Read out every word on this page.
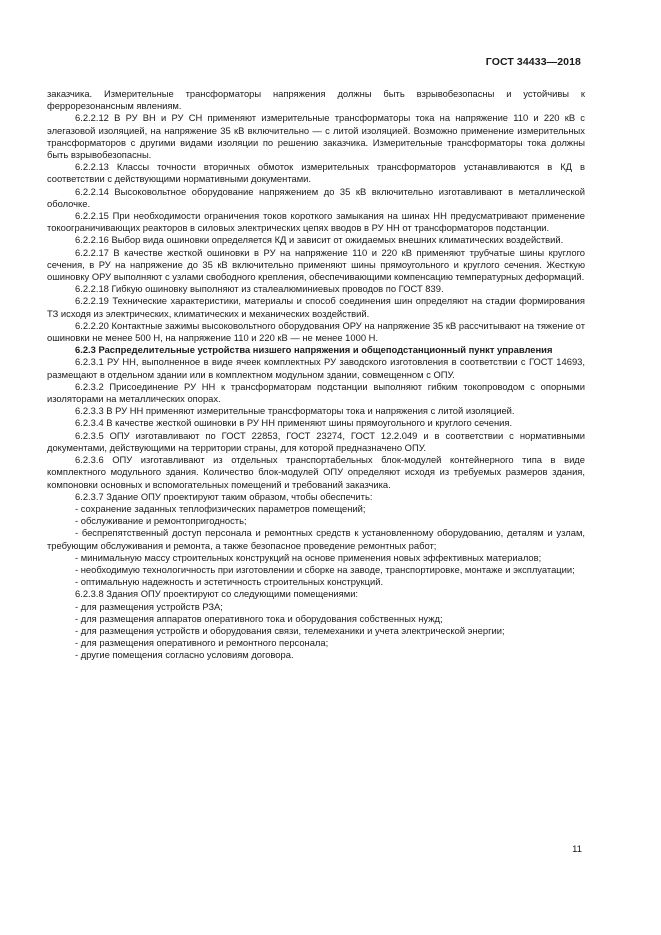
ГОСТ 34433—2018

заказчика. Измерительные трансформаторы напряжения должны быть взрывобезопасны и устойчивы к феррорезонансным явлениям.

6.2.2.12 В РУ ВН и РУ СН применяют измерительные трансформаторы тока на напряжение 110 и 220 кВ с элегазовой изоляцией, на напряжение 35 кВ включительно — с литой изоляцией. Возможно применение измерительных трансформаторов с другими видами изоляции по решению заказчика. Измерительные трансформаторы тока должны быть взрывобезопасны.

6.2.2.13 Классы точности вторичных обмоток измерительных трансформаторов устанавливаются в КД в соответствии с действующими нормативными документами.

6.2.2.14 Высоковольтное оборудование напряжением до 35 кВ включительно изготавливают в металлической оболочке.

6.2.2.15 При необходимости ограничения токов короткого замыкания на шинах НН предусматривают применение токоограничивающих реакторов в силовых электрических цепях вводов в РУ НН от трансформаторов подстанции.

6.2.2.16 Выбор вида ошиновки определяется КД и зависит от ожидаемых внешних климатических воздействий.

6.2.2.17 В качестве жесткой ошиновки в РУ на напряжение 110 и 220 кВ применяют трубчатые шины круглого сечения, в РУ на напряжение до 35 кВ включительно применяют шины прямоугольного и круглого сечения. Жесткую ошиновку ОРУ выполняют с узлами свободного крепления, обеспечивающими компенсацию температурных деформаций.

6.2.2.18 Гибкую ошиновку выполняют из сталеалюминиевых проводов по ГОСТ 839.

6.2.2.19 Технические характеристики, материалы и способ соединения шин определяют на стадии формирования ТЗ исходя из электрических, климатических и механических воздействий.

6.2.2.20 Контактные зажимы высоковольтного оборудования ОРУ на напряжение 35 кВ рассчитывают на тяжение от ошиновки не менее 500 Н, на напряжение 110 и 220 кВ — не менее 1000 Н.

6.2.3 Распределительные устройства низшего напряжения и общеподстанционный пункт управления

6.2.3.1 РУ НН, выполненное в виде ячеек комплектных РУ заводского изготовления в соответствии с ГОСТ 14693, размещают в отдельном здании или в комплектном модульном здании, совмещенном с ОПУ.

6.2.3.2 Присоединение РУ НН к трансформаторам подстанции выполняют гибким токопроводом с опорными изоляторами на металлических опорах.

6.2.3.3 В РУ НН применяют измерительные трансформаторы тока и напряжения с литой изоляцией.

6.2.3.4 В качестве жесткой ошиновки в РУ НН применяют шины прямоугольного и круглого сечения.

6.2.3.5 ОПУ изготавливают по ГОСТ 22853, ГОСТ 23274, ГОСТ 12.2.049 и в соответствии с нормативными документами, действующими на территории страны, для которой предназначено ОПУ.

6.2.3.6 ОПУ изготавливают из отдельных транспортабельных блок-модулей контейнерного типа в виде комплектного модульного здания. Количество блок-модулей ОПУ определяют исходя из требуемых размеров здания, компоновки основных и вспомогательных помещений и требований заказчика.

6.2.3.7 Здание ОПУ проектируют таким образом, чтобы обеспечить:

- сохранение заданных теплофизических параметров помещений;

- обслуживание и ремонтопригодность;

- беспрепятственный доступ персонала и ремонтных средств к установленному оборудованию, деталям и узлам, требующим обслуживания и ремонта, а также безопасное проведение ремонтных работ;

- минимальную массу строительных конструкций на основе применения новых эффективных материалов;

- необходимую технологичность при изготовлении и сборке на заводе, транспортировке, монтаже и эксплуатации;

- оптимальную надежность и эстетичность строительных конструкций.

6.2.3.8 Здания ОПУ проектируют со следующими помещениями:

- для размещения устройств РЗА;

- для размещения аппаратов оперативного тока и оборудования собственных нужд;

- для размещения устройств и оборудования связи, телемеханики и учета электрической энергии;

- для размещения оперативного и ремонтного персонала;

- другие помещения согласно условиям договора.

11
